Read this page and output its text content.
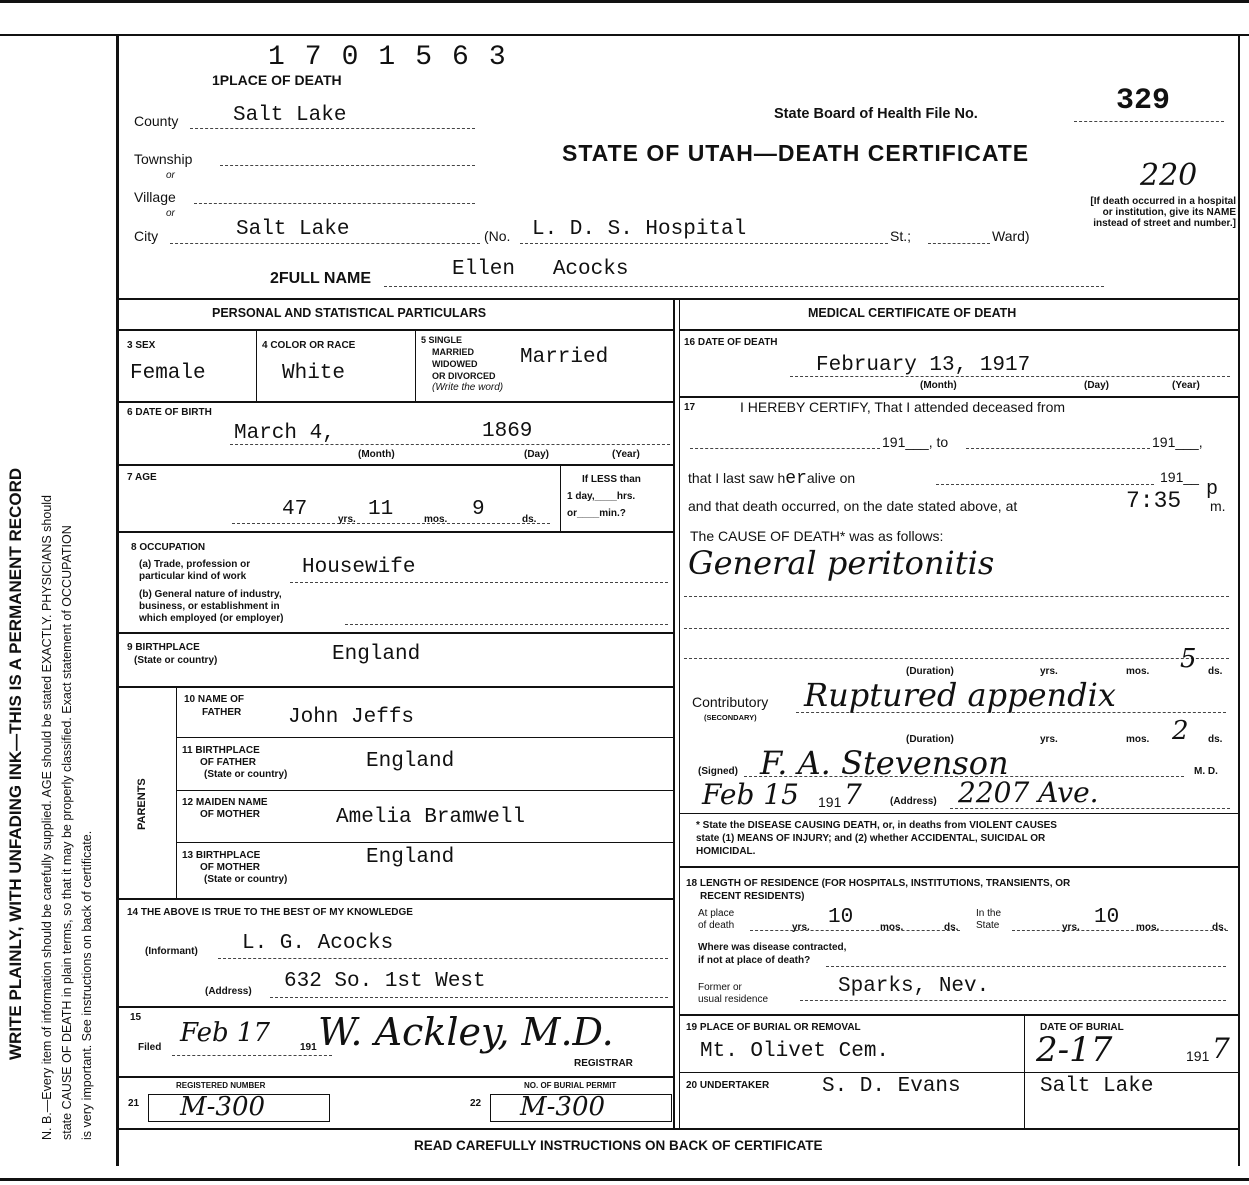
WRITE PLAINLY, WITH UNFADING INK—THIS IS A PERMANENT RECORD N. B.—Every item of information should be carefully supplied. AGE should be stated EXACTLY. PHYSICIANS should state CAUSE OF DEATH in plain terms, so that it may be properly classified. Exact statement of OCCUPATION is very important. See instructions on back of certificate.
1701563
1PLACE OF DEATH
County	Salt Lake
Township
or
Village
or
City	Salt Lake	(No. L. D. S. Hospital	St.;	Ward)
State Board of Health File No.	329
STATE OF UTAH—DEATH CERTIFICATE
220
[If death occurred in a hospital or institution, give its NAME instead of street and number.]
2FULL NAME	Ellen   Acocks
PERSONAL AND STATISTICAL PARTICULARS
3 SEX
Female
4 COLOR OR RACE
White
5 SINGLE
MARRIED
WIDOWED
OR DIVORCED
(Write the word)
Married
6 DATE OF BIRTH
March 4,	1869
(Month)	(Day)	(Year)
7 AGE
47	yrs. 11	mos. 9	ds.
If LESS than
1 day,____hrs.
or____min.?
8 OCCUPATION
(a) Trade, profession or
particular kind of work	Housewife
(b) General nature of industry,
business, or establishment in
which employed (or employer)
9 BIRTHPLACE
(State or country)	England
PARENTS
10 NAME OF
FATHER John Jeffs
11 BIRTHPLACE
OF FATHER
(State or country)
England
12 MAIDEN NAME
OF MOTHER	Amelia Bramwell
13 BIRTHPLACE
OF MOTHER
(State or country)
England
14 THE ABOVE IS TRUE TO THE BEST OF MY KNOWLEDGE
(Informant) L. G. Acocks
(Address) 632 So. 1st West
15
Filed Feb 17	191 W. Ackley, M.D.
REGISTRAR
REGISTERED NUMBER
21 M-300
NO. OF BURIAL PERMIT
22 M-300
MEDICAL CERTIFICATE OF DEATH
16 DATE OF DEATH
February 13, 1917
(Month)	(Day)	(Year)
17	I HEREBY CERTIFY, That I attended deceased from
191___, to	191___,
that I last saw heralive on	191__
and that death occurred, on the date stated above, at	7:35 p
m.
The CAUSE OF DEATH* was as follows:
General peritonitis
(Duration)	yrs.	mos. 5 ds.
Contributory
(SECONDARY)
Ruptured appendix
(Duration)	yrs.	mos. 2 ds.
(Signed) F. A. Stevenson	M. D.
Feb 15 191 7	(Address) 2207 Ave.
* State the DISEASE CAUSING DEATH, or, in deaths from VIOLENT CAUSES
state (1) MEANS OF INJURY; and (2) whether ACCIDENTAL, SUICIDAL OR
HOMICIDAL.
18 LENGTH OF RESIDENCE (FOR HOSPITALS, INSTITUTIONS, TRANSIENTS, OR
RECENT RESIDENTS)
At place
of death	yrs. 10	mos.	ds.
In the
State	yrs. 10 mos.	ds.
Where was disease contracted,
if not at place of death?
Former or
usual residence
Sparks, Nev.
19 PLACE OF BURIAL OR REMOVAL
Mt. Olivet Cem.
DATE OF BURIAL
2-17	191 7
20 UNDERTAKER	S. D. Evans	Salt Lake
READ CAREFULLY INSTRUCTIONS ON BACK OF CERTIFICATE
